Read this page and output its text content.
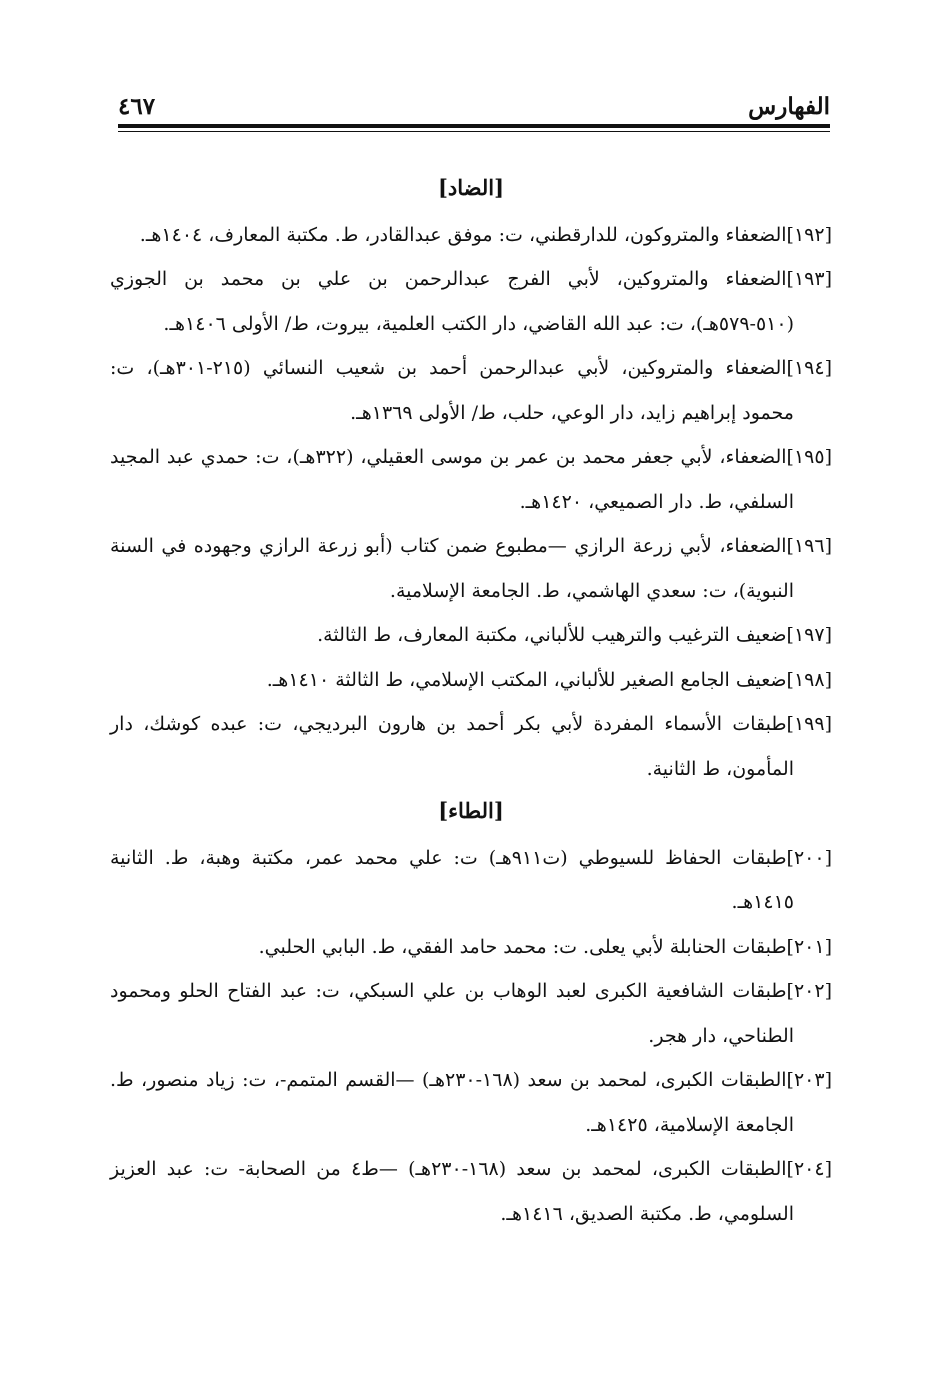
الفهارس
٤٦٧

[الضاد]

[١٩٢]الضعفاء والمتروكون، للدارقطني، ت: موفق عبدالقادر، ط. مكتبة المعارف، ١٤٠٤هـ.

[١٩٣]الضعفاء والمتروكين، لأبي الفرج عبدالرحمن بن علي بن محمد بن الجوزي (٥١٠-٥٧٩هـ)، ت: عبد الله القاضي، دار الكتب العلمية، بيروت، ط/ الأولى ١٤٠٦هـ.

[١٩٤]الضعفاء والمتروكين، لأبي عبدالرحمن أحمد بن شعيب النسائي (٢١٥-٣٠١هـ)، ت: محمود إبراهيم زايد، دار الوعي، حلب، ط/ الأولى ١٣٦٩هـ.

[١٩٥]الضعفاء، لأبي جعفر محمد بن عمر بن موسى العقيلي، (٣٢٢هـ)، ت: حمدي عبد المجيد السلفي، ط. دار الصميعي، ١٤٢٠هـ.

[١٩٦]الضعفاء، لأبي زرعة الرازي —مطبوع ضمن كتاب (أبو زرعة الرازي وجهوده في السنة النبوية)، ت: سعدي الهاشمي، ط. الجامعة الإسلامية.

[١٩٧]ضعيف الترغيب والترهيب للألباني، مكتبة المعارف، ط الثالثة.

[١٩٨]ضعيف الجامع الصغير للألباني، المكتب الإسلامي، ط الثالثة ١٤١٠هـ.

[١٩٩]طبقات الأسماء المفردة لأبي بكر أحمد بن هارون البرديجي، ت: عبده كوشك، دار المأمون، ط الثانية.

[الطاء]

[٢٠٠]طبقات الحفاظ للسيوطي (ت٩١١هـ) ت: علي محمد عمر، مكتبة وهبة، ط. الثانية ١٤١٥هـ.

[٢٠١]طبقات الحنابلة لأبي يعلى. ت: محمد حامد الفقي، ط. البابي الحلبي.

[٢٠٢]طبقات الشافعية الكبرى لعبد الوهاب بن علي السبكي، ت: عبد الفتاح الحلو ومحمود الطناحي، دار هجر.

[٢٠٣]الطبقات الكبرى، لمحمد بن سعد (١٦٨-٢٣٠هـ) —القسم المتمم-، ت: زياد منصور، ط. الجامعة الإسلامية، ١٤٢٥هـ.

[٢٠٤]الطبقات الكبرى، لمحمد بن سعد (١٦٨-٢٣٠هـ) —ط٤ من الصحابة- ت: عبد العزيز السلومي، ط. مكتبة الصديق، ١٤١٦هـ.
